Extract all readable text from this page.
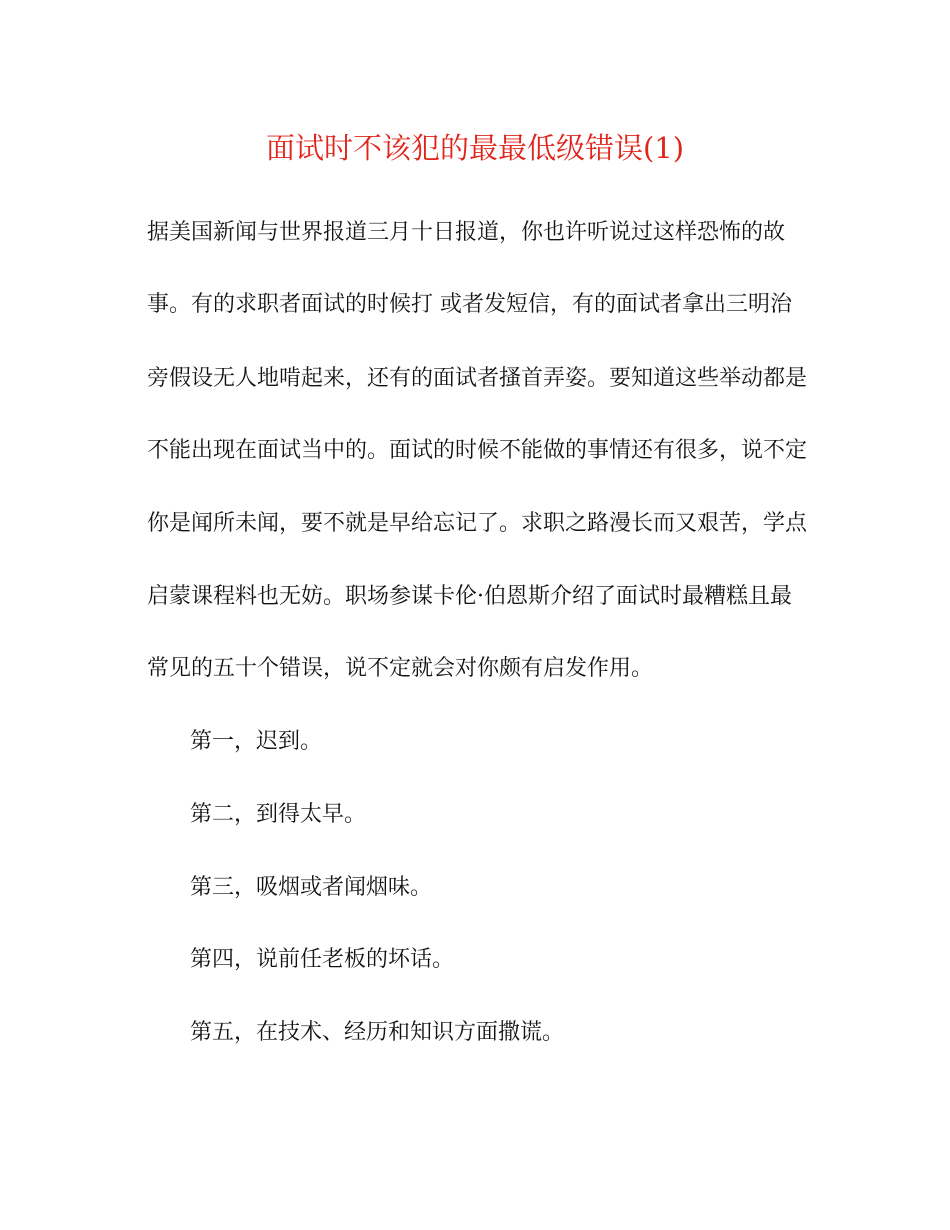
面试时不该犯的最最低级错误(1)

据美国新闻与世界报道三月十日报道，你也许听说过这样恐怖的故

事。有的求职者面试的时候打 或者发短信，有的面试者拿出三明治

旁假设无人地啃起来，还有的面试者搔首弄姿。要知道这些举动都是

不能出现在面试当中的。面试的时候不能做的事情还有很多，说不定

你是闻所未闻，要不就是早给忘记了。求职之路漫长而又艰苦，学点

启蒙课程料也无妨。职场参谋卡伦·伯恩斯介绍了面试时最糟糕且最

常见的五十个错误，说不定就会对你颇有启发作用。

第一，迟到。

第二，到得太早。

第三，吸烟或者闻烟味。

第四，说前任老板的坏话。

第五，在技术、经历和知识方面撒谎。
